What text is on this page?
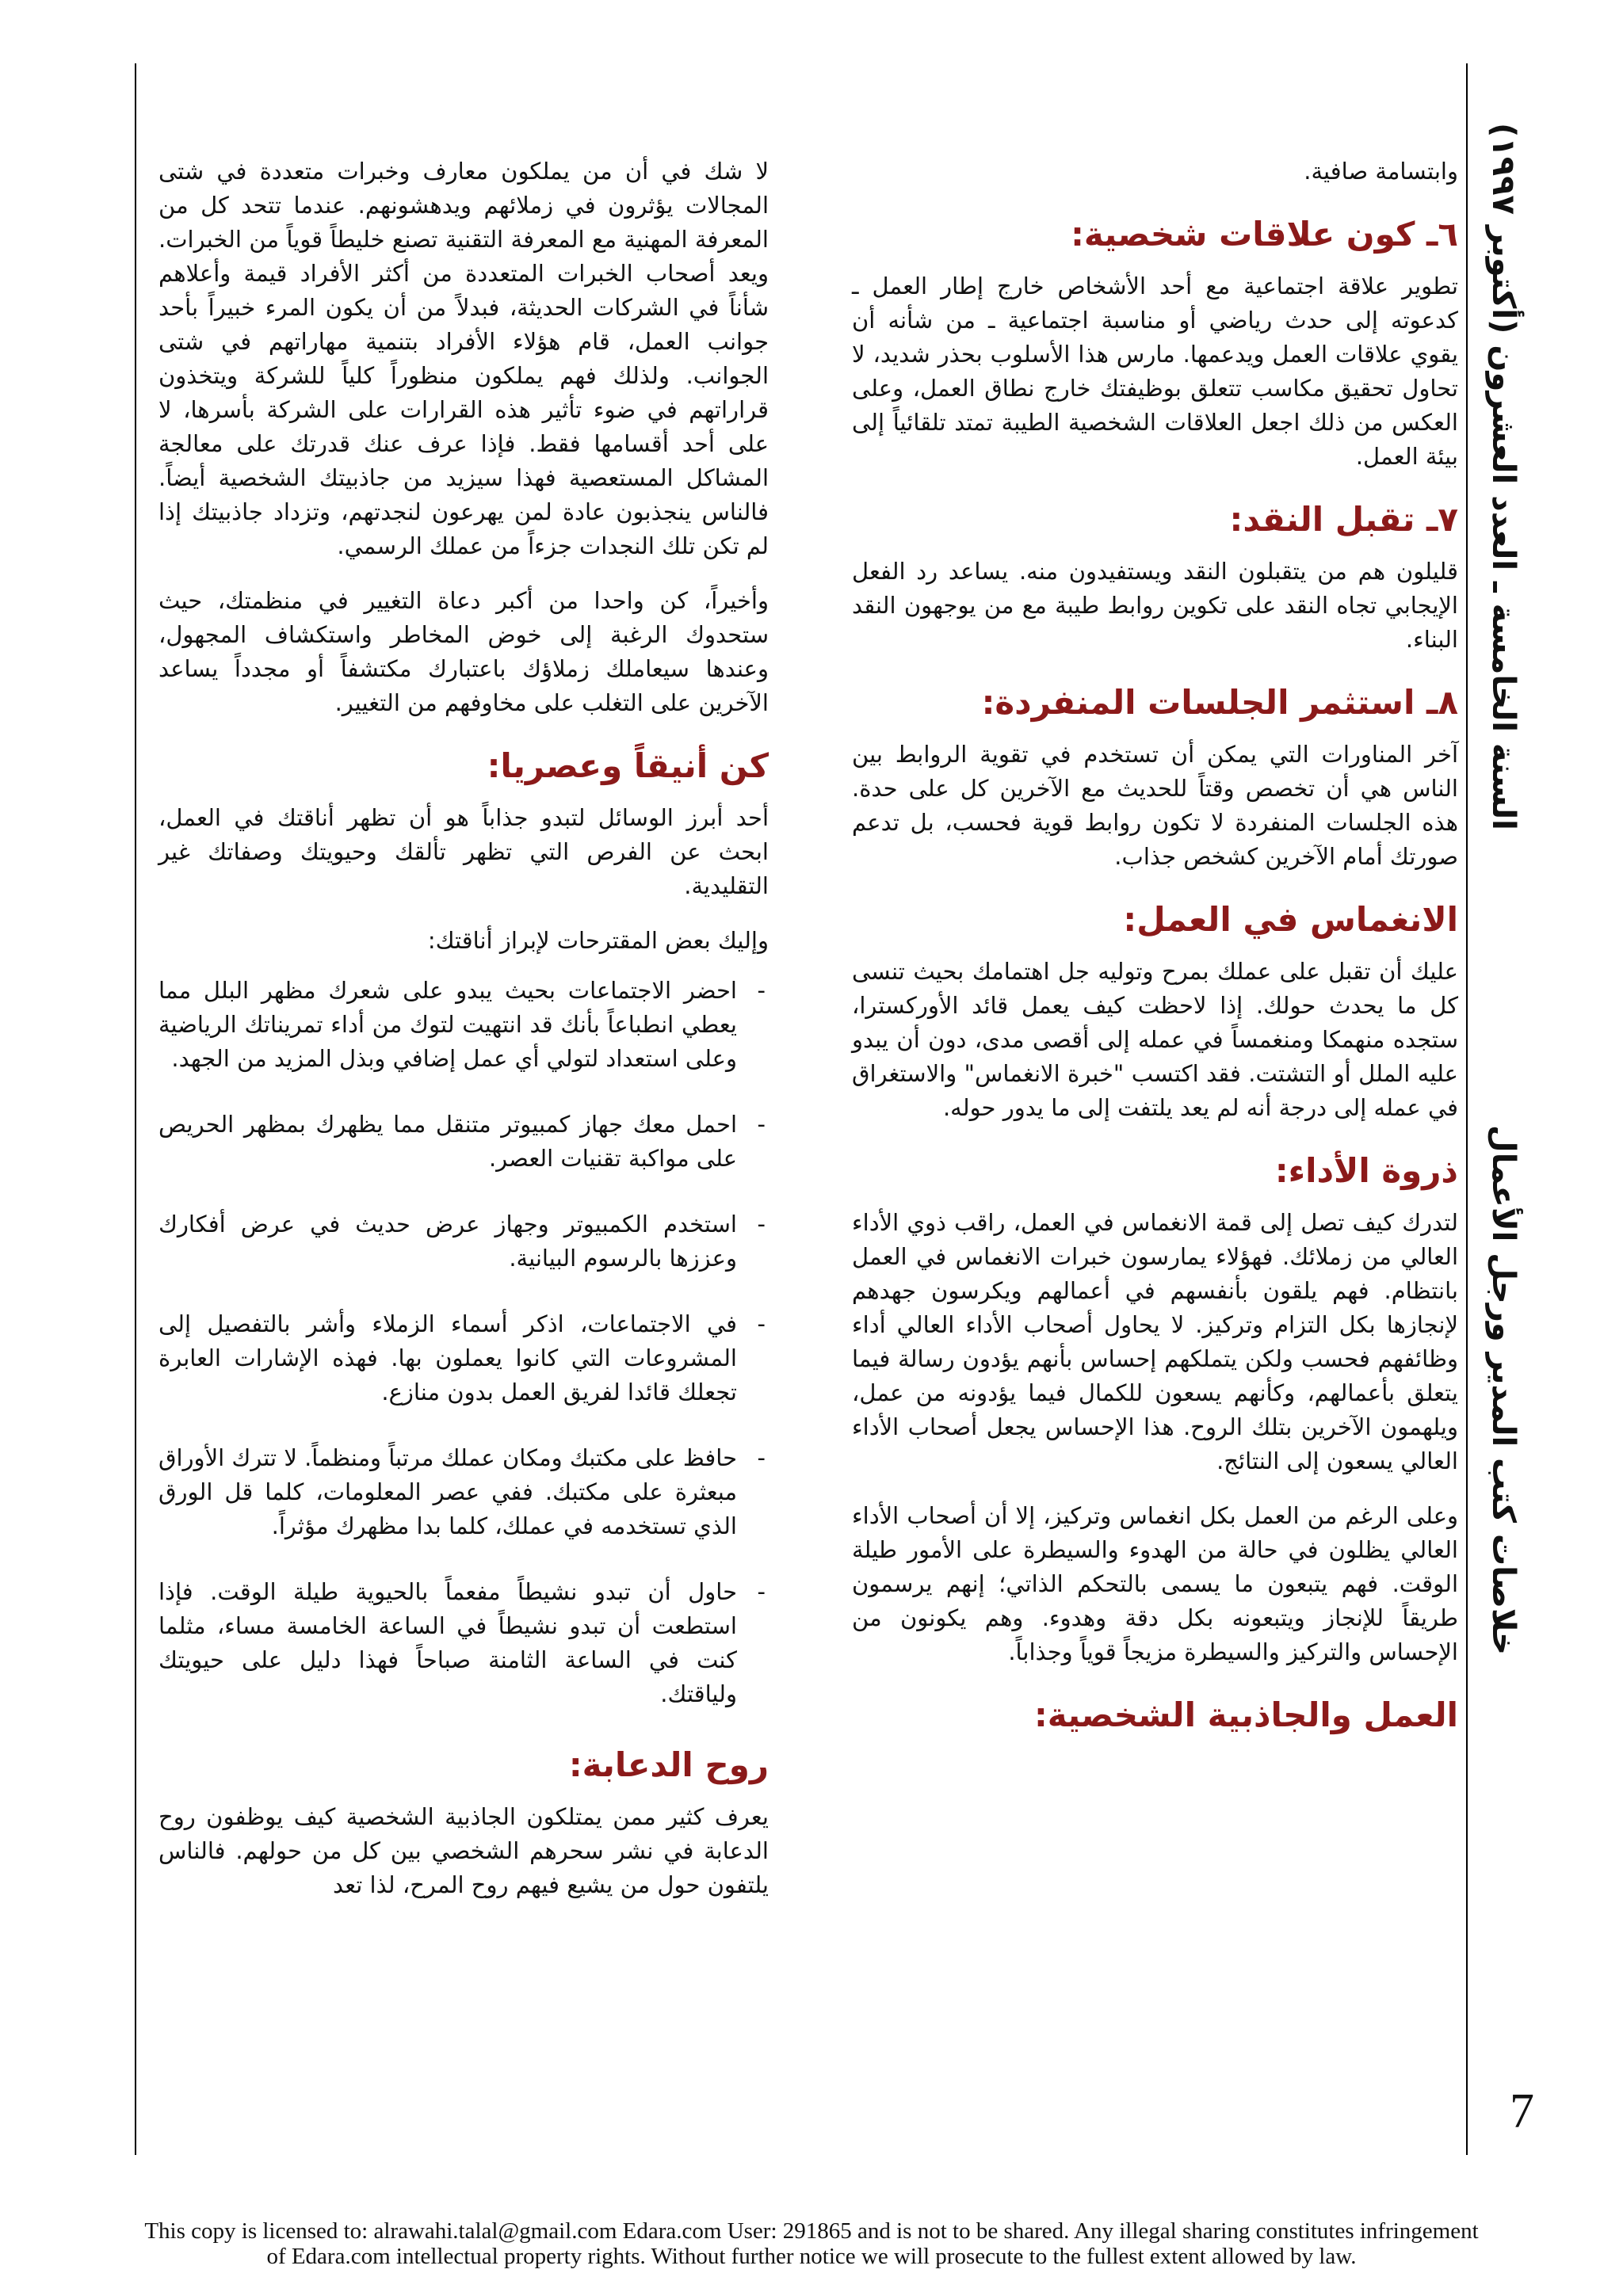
السنة الخامسة ـ العدد العشرون (أكتوبر ١٩٩٧)
خلاصات كتب المدير ورجل الأعمال
7

وابتسامة صافية.

٦ـ كون علاقات شخصية:

تطوير علاقة اجتماعية مع أحد الأشخاص خارج إطار العمل ـ كدعوته إلى حدث رياضي أو مناسبة اجتماعية ـ من شأنه أن يقوي علاقات العمل ويدعمها. مارس هذا الأسلوب بحذر شديد، لا تحاول تحقيق مكاسب تتعلق بوظيفتك خارج نطاق العمل، وعلى العكس من ذلك اجعل العلاقات الشخصية الطيبة تمتد تلقائياً إلى بيئة العمل.

٧ـ تقبل النقد:

قليلون هم من يتقبلون النقد ويستفيدون منه. يساعد رد الفعل الإيجابي تجاه النقد على تكوين روابط طيبة مع من يوجهون النقد البناء.

٨ـ استثمر الجلسات المنفردة:

آخر المناورات التي يمكن أن تستخدم في تقوية الروابط بين الناس هي أن تخصص وقتاً للحديث مع الآخرين كل على حدة. هذه الجلسات المنفردة لا تكون روابط قوية فحسب، بل تدعم صورتك أمام الآخرين كشخص جذاب.

الانغماس في العمل:

عليك أن تقبل على عملك بمرح وتوليه جل اهتمامك بحيث تنسى كل ما يحدث حولك. إذا لاحظت كيف يعمل قائد الأوركسترا، ستجده منهمكا ومنغمساً في عمله إلى أقصى مدى، دون أن يبدو عليه الملل أو التشتت. فقد اكتسب "خبرة الانغماس" والاستغراق في عمله إلى درجة أنه لم يعد يلتفت إلى ما يدور حوله.

ذروة الأداء:

لتدرك كيف تصل إلى قمة الانغماس في العمل، راقب ذوي الأداء العالي من زملائك. فهؤلاء يمارسون خبرات الانغماس في العمل بانتظام. فهم يلقون بأنفسهم في أعمالهم ويكرسون جهدهم لإنجازها بكل التزام وتركيز. لا يحاول أصحاب الأداء العالي أداء وظائفهم فحسب ولكن يتملكهم إحساس بأنهم يؤدون رسالة فيما يتعلق بأعمالهم، وكأنهم يسعون للكمال فيما يؤدونه من عمل، ويلهمون الآخرين بتلك الروح. هذا الإحساس يجعل أصحاب الأداء العالي يسعون إلى النتائج.

وعلى الرغم من العمل بكل انغماس وتركيز، إلا أن أصحاب الأداء العالي يظلون في حالة من الهدوء والسيطرة على الأمور طيلة الوقت. فهم يتبعون ما يسمى بالتحكم الذاتي؛ إنهم يرسمون طريقاً للإنجاز ويتبعونه بكل دقة وهدوء. وهم يكونون من الإحساس والتركيز والسيطرة مزيجاً قوياً وجذاباً.

العمل والجاذبية الشخصية:

لا شك في أن من يملكون معارف وخبرات متعددة في شتى المجالات يؤثرون في زملائهم ويدهشونهم. عندما تتحد كل من المعرفة المهنية مع المعرفة التقنية تصنع خليطاً قوياً من الخبرات. ويعد أصحاب الخبرات المتعددة من أكثر الأفراد قيمة وأعلاهم شأناً في الشركات الحديثة، فبدلاً من أن يكون المرء خبيراً بأحد جوانب العمل، قام هؤلاء الأفراد بتنمية مهاراتهم في شتى الجوانب. ولذلك فهم يملكون منظوراً كلياً للشركة ويتخذون قراراتهم في ضوء تأثير هذه القرارات على الشركة بأسرها، لا على أحد أقسامها فقط. فإذا عرف عنك قدرتك على معالجة المشاكل المستعصية فهذا سيزيد من جاذبيتك الشخصية أيضاً. فالناس ينجذبون عادة لمن يهرعون لنجدتهم، وتزداد جاذبيتك إذا لم تكن تلك النجدات جزءاً من عملك الرسمي.

وأخيراً، كن واحدا من أكبر دعاة التغيير في منظمتك، حيث ستحدوك الرغبة إلى خوض المخاطر واستكشاف المجهول، وعندها سيعاملك زملاؤك باعتبارك مكتشفاً أو مجدداً يساعد الآخرين على التغلب على مخاوفهم من التغيير.

كن أنيقاً وعصريا:

أحد أبرز الوسائل لتبدو جذاباً هو أن تظهر أناقتك في العمل، ابحث عن الفرص التي تظهر تألقك وحيويتك وصفاتك غير التقليدية.

وإليك بعض المقترحات لإبراز أناقتك:

-
احضر الاجتماعات بحيث يبدو على شعرك مظهر البلل مما يعطي انطباعاً بأنك قد انتهيت لتوك من أداء تمريناتك الرياضية وعلى استعداد لتولي أي عمل إضافي وبذل المزيد من الجهد.
-
احمل معك جهاز كمبيوتر متنقل مما يظهرك بمظهر الحريص على مواكبة تقنيات العصر.
-
استخدم الكمبيوتر وجهاز عرض حديث في عرض أفكارك وعززها بالرسوم البيانية.
-
في الاجتماعات، اذكر أسماء الزملاء وأشر بالتفصيل إلى المشروعات التي كانوا يعملون بها. فهذه الإشارات العابرة تجعلك قائدا لفريق العمل بدون منازع.
-
حافظ على مكتبك ومكان عملك مرتباً ومنظماً. لا تترك الأوراق مبعثرة على مكتبك. ففي عصر المعلومات، كلما قل الورق الذي تستخدمه في عملك، كلما بدا مظهرك مؤثراً.
-
حاول أن تبدو نشيطاً مفعماً بالحيوية طيلة الوقت. فإذا استطعت أن تبدو نشيطاً في الساعة الخامسة مساء، مثلما كنت في الساعة الثامنة صباحاً فهذا دليل على حيويتك ولياقتك.
روح الدعابة:

يعرف كثير ممن يمتلكون الجاذبية الشخصية كيف يوظفون روح الدعابة في نشر سحرهم الشخصي بين كل من حولهم. فالناس يلتفون حول من يشيع فيهم روح المرح، لذا تعد

This copy is licensed to: alrawahi.talal@gmail.com Edara.com User: 291865 and is not to be shared. Any illegal sharing constitutes infringement
of Edara.com intellectual property rights. Without further notice we will prosecute to the fullest extent allowed by law.
